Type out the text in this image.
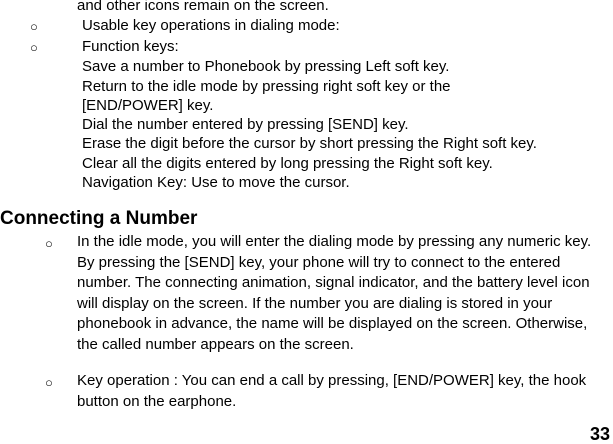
and other icons remain on the screen.
○	Usable key operations in dialing mode:
○	Function keys:
Save a number to Phonebook by pressing Left soft key.
Return to the idle mode by pressing right soft key or the
[END/POWER] key.
Dial the number entered by pressing [SEND] key.
Erase the digit before the cursor by short pressing the Right soft key.
Clear all the digits entered by long pressing the Right soft key.
Navigation Key: Use to move the cursor.
Connecting a Number
○ In the idle mode, you will enter the dialing mode by pressing any numeric key. By pressing the [SEND] key, your phone will try to connect to the entered number. The connecting animation, signal indicator, and the battery level icon will display on the screen. If the number you are dialing is stored in your phonebook in advance, the name will be displayed on the screen. Otherwise, the called number appears on the screen.
○ Key operation : You can end a call by pressing, [END/POWER] key, the hook button on the earphone.
33
